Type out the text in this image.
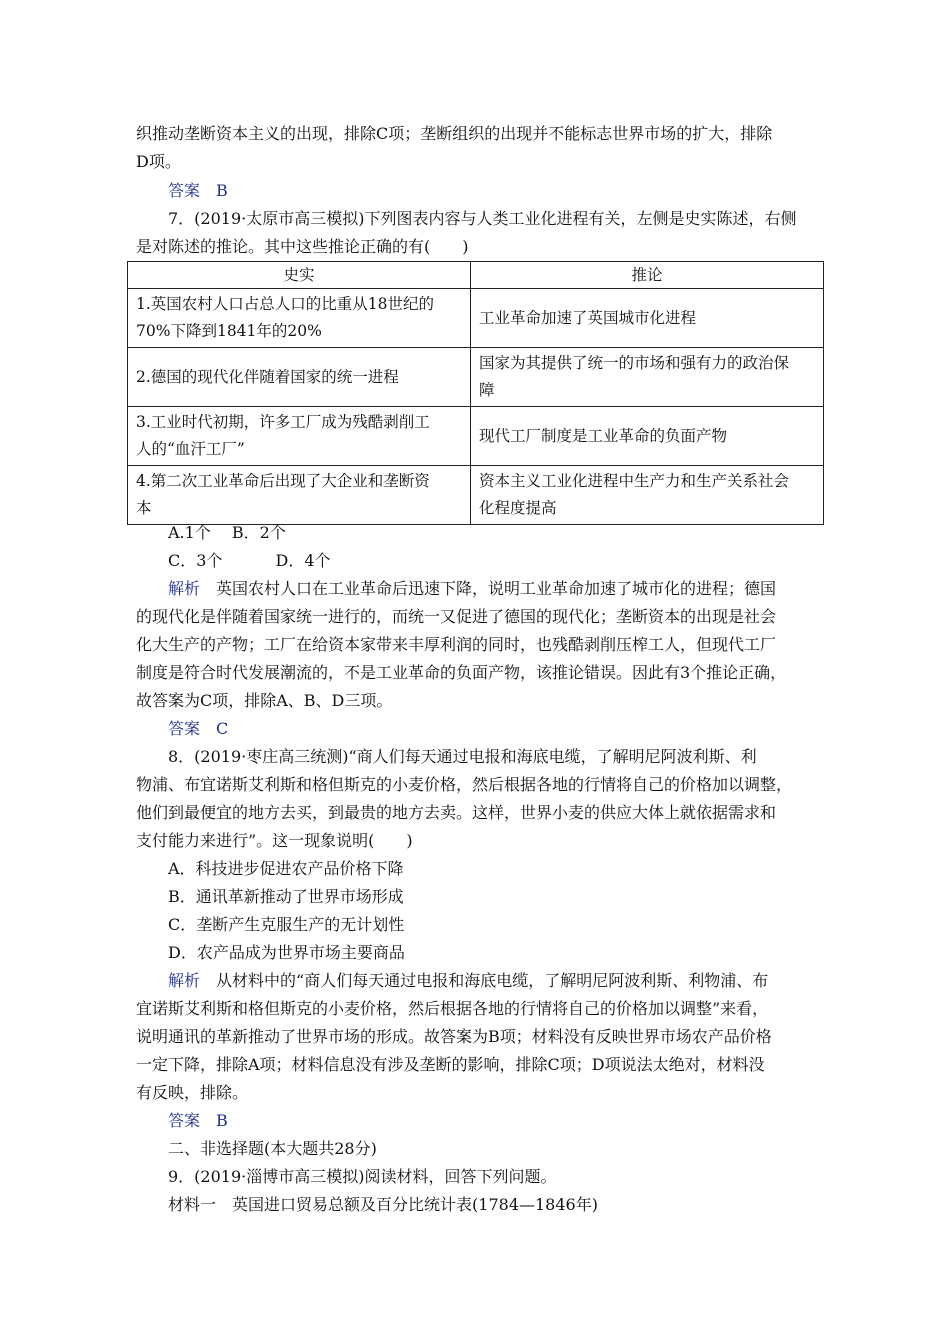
织推动垄断资本主义的出现，排除C项；垄断组织的出现并不能标志世界市场的扩大，排除
D项。
答案　 B
7．(2019·太原市高三模拟)下列图表内容与人类工业化进程有关，左侧是史实陈述，右侧
是对陈述的推论。其中这些推论正确的有(　　)
史实	推论
1.英国农村人口占总人口的比重从18世纪的
70%下降到1841年的20%	工业革命加速了英国城市化进程
2.德国的现代化伴随着国家的统一进程	国家为其提供了统一的市场和强有力的政治保
障
3.工业时代初期，许多工厂成为残酷剥削工
人的“血汗工厂”	现代工厂制度是工业革命的负面产物
4.第二次工业革命后出现了大企业和垄断资
本	资本主义工业化进程中生产力和生产关系社会
化程度提高
A.1个　 B．2个
C．3个　　　 D．4个
解析　 英国农村人口在工业革命后迅速下降，说明工业革命加速了城市化的进程；德国
的现代化是伴随着国家统一进行的，而统一又促进了德国的现代化；垄断资本的出现是社会
化大生产的产物；工厂在给资本家带来丰厚利润的同时，也残酷剥削压榨工人，但现代工厂
制度是符合时代发展潮流的，不是工业革命的负面产物，该推论错误。因此有3个推论正确，
故答案为C项，排除A、B、D三项。
答案　 C
8．(2019·枣庄高三统测)“商人们每天通过电报和海底电缆，了解明尼阿波利斯、利
物浦、布宜诺斯艾利斯和格但斯克的小麦价格，然后根据各地的行情将自己的价格加以调整，
他们到最便宜的地方去买，到最贵的地方去卖。这样，世界小麦的供应大体上就依据需求和
支付能力来进行”。这一现象说明(　　)
A．科技进步促进农产品价格下降
B．通讯革新推动了世界市场形成
C．垄断产生克服生产的无计划性
D．农产品成为世界市场主要商品
解析　 从材料中的“商人们每天通过电报和海底电缆，了解明尼阿波利斯、利物浦、布
宜诺斯艾利斯和格但斯克的小麦价格，然后根据各地的行情将自己的价格加以调整”来看，
说明通讯的革新推动了世界市场的形成。故答案为B项；材料没有反映世界市场农产品价格
一定下降，排除A项；材料信息没有涉及垄断的影响，排除C项；D项说法太绝对，材料没
有反映，排除。
答案　 B
二、非选择题(本大题共28分)
9．(2019·淄博市高三模拟)阅读材料，回答下列问题。
材料一　 英国进口贸易总额及百分比统计表(1784—1846年)
